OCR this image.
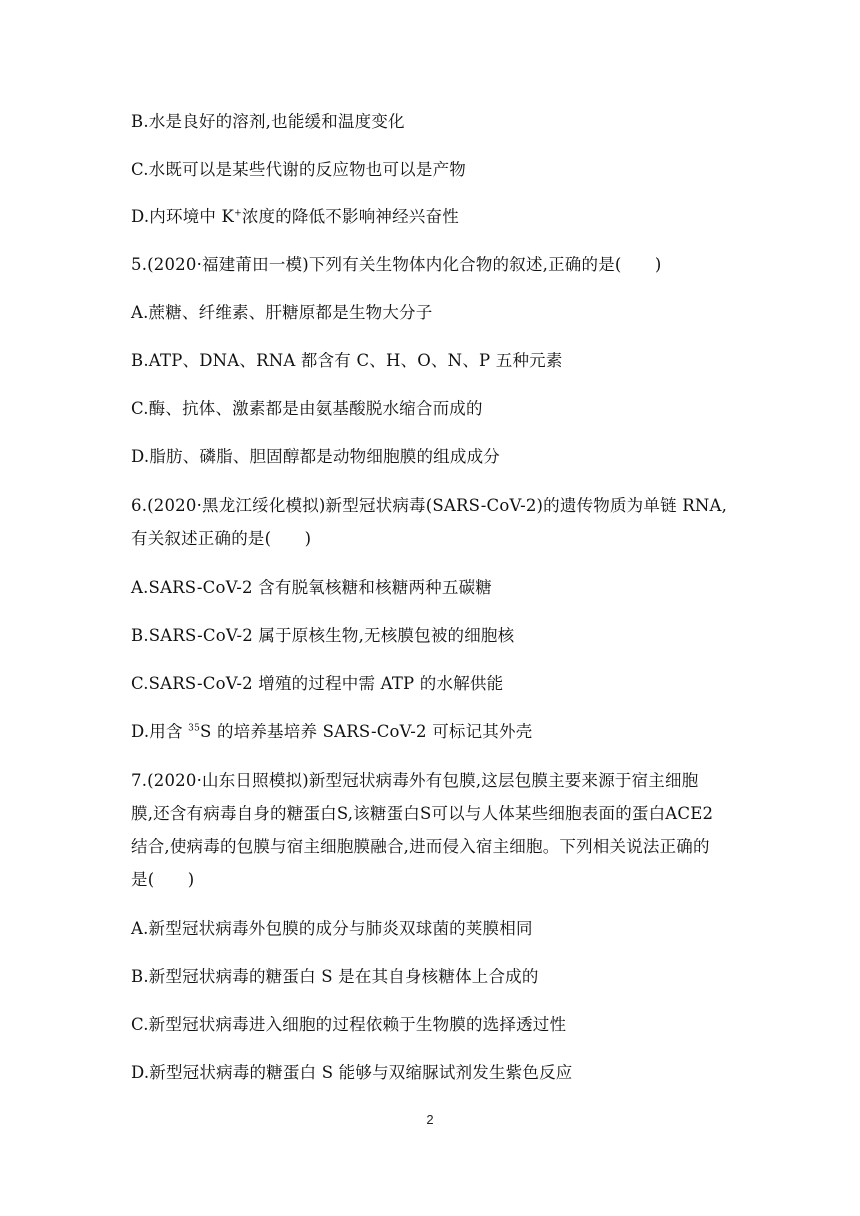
B.水是良好的溶剂,也能缓和温度变化
C.水既可以是某些代谢的反应物也可以是产物
D.内环境中 K+浓度的降低不影响神经兴奋性
5.(2020·福建莆田一模)下列有关生物体内化合物的叙述,正确的是(　　)
A.蔗糖、纤维素、肝糖原都是生物大分子
B.ATP、DNA、RNA 都含有 C、H、O、N、P 五种元素
C.酶、抗体、激素都是由氨基酸脱水缩合而成的
D.脂肪、磷脂、胆固醇都是动物细胞膜的组成成分
6.(2020·黑龙江绥化模拟)新型冠状病毒(SARS-CoV-2)的遗传物质为单链 RNA,
有关叙述正确的是(　　)
A.SARS-CoV-2 含有脱氧核糖和核糖两种五碳糖
B.SARS-CoV-2 属于原核生物,无核膜包被的细胞核
C.SARS-CoV-2 增殖的过程中需 ATP 的水解供能
D.用含 $^{35}$S 的培养基培养 SARS-CoV-2 可标记其外壳
7.(2020·山东日照模拟)新型冠状病毒外有包膜,这层包膜主要来源于宿主细胞
膜,还含有病毒自身的糖蛋白S,该糖蛋白S可以与人体某些细胞表面的蛋白ACE2
结合,使病毒的包膜与宿主细胞膜融合,进而侵入宿主细胞。下列相关说法正确的
是(　　)
A.新型冠状病毒外包膜的成分与肺炎双球菌的荚膜相同
B.新型冠状病毒的糖蛋白 S 是在其自身核糖体上合成的
C.新型冠状病毒进入细胞的过程依赖于生物膜的选择透过性
D.新型冠状病毒的糖蛋白 S 能够与双缩脲试剂发生紫色反应
2
